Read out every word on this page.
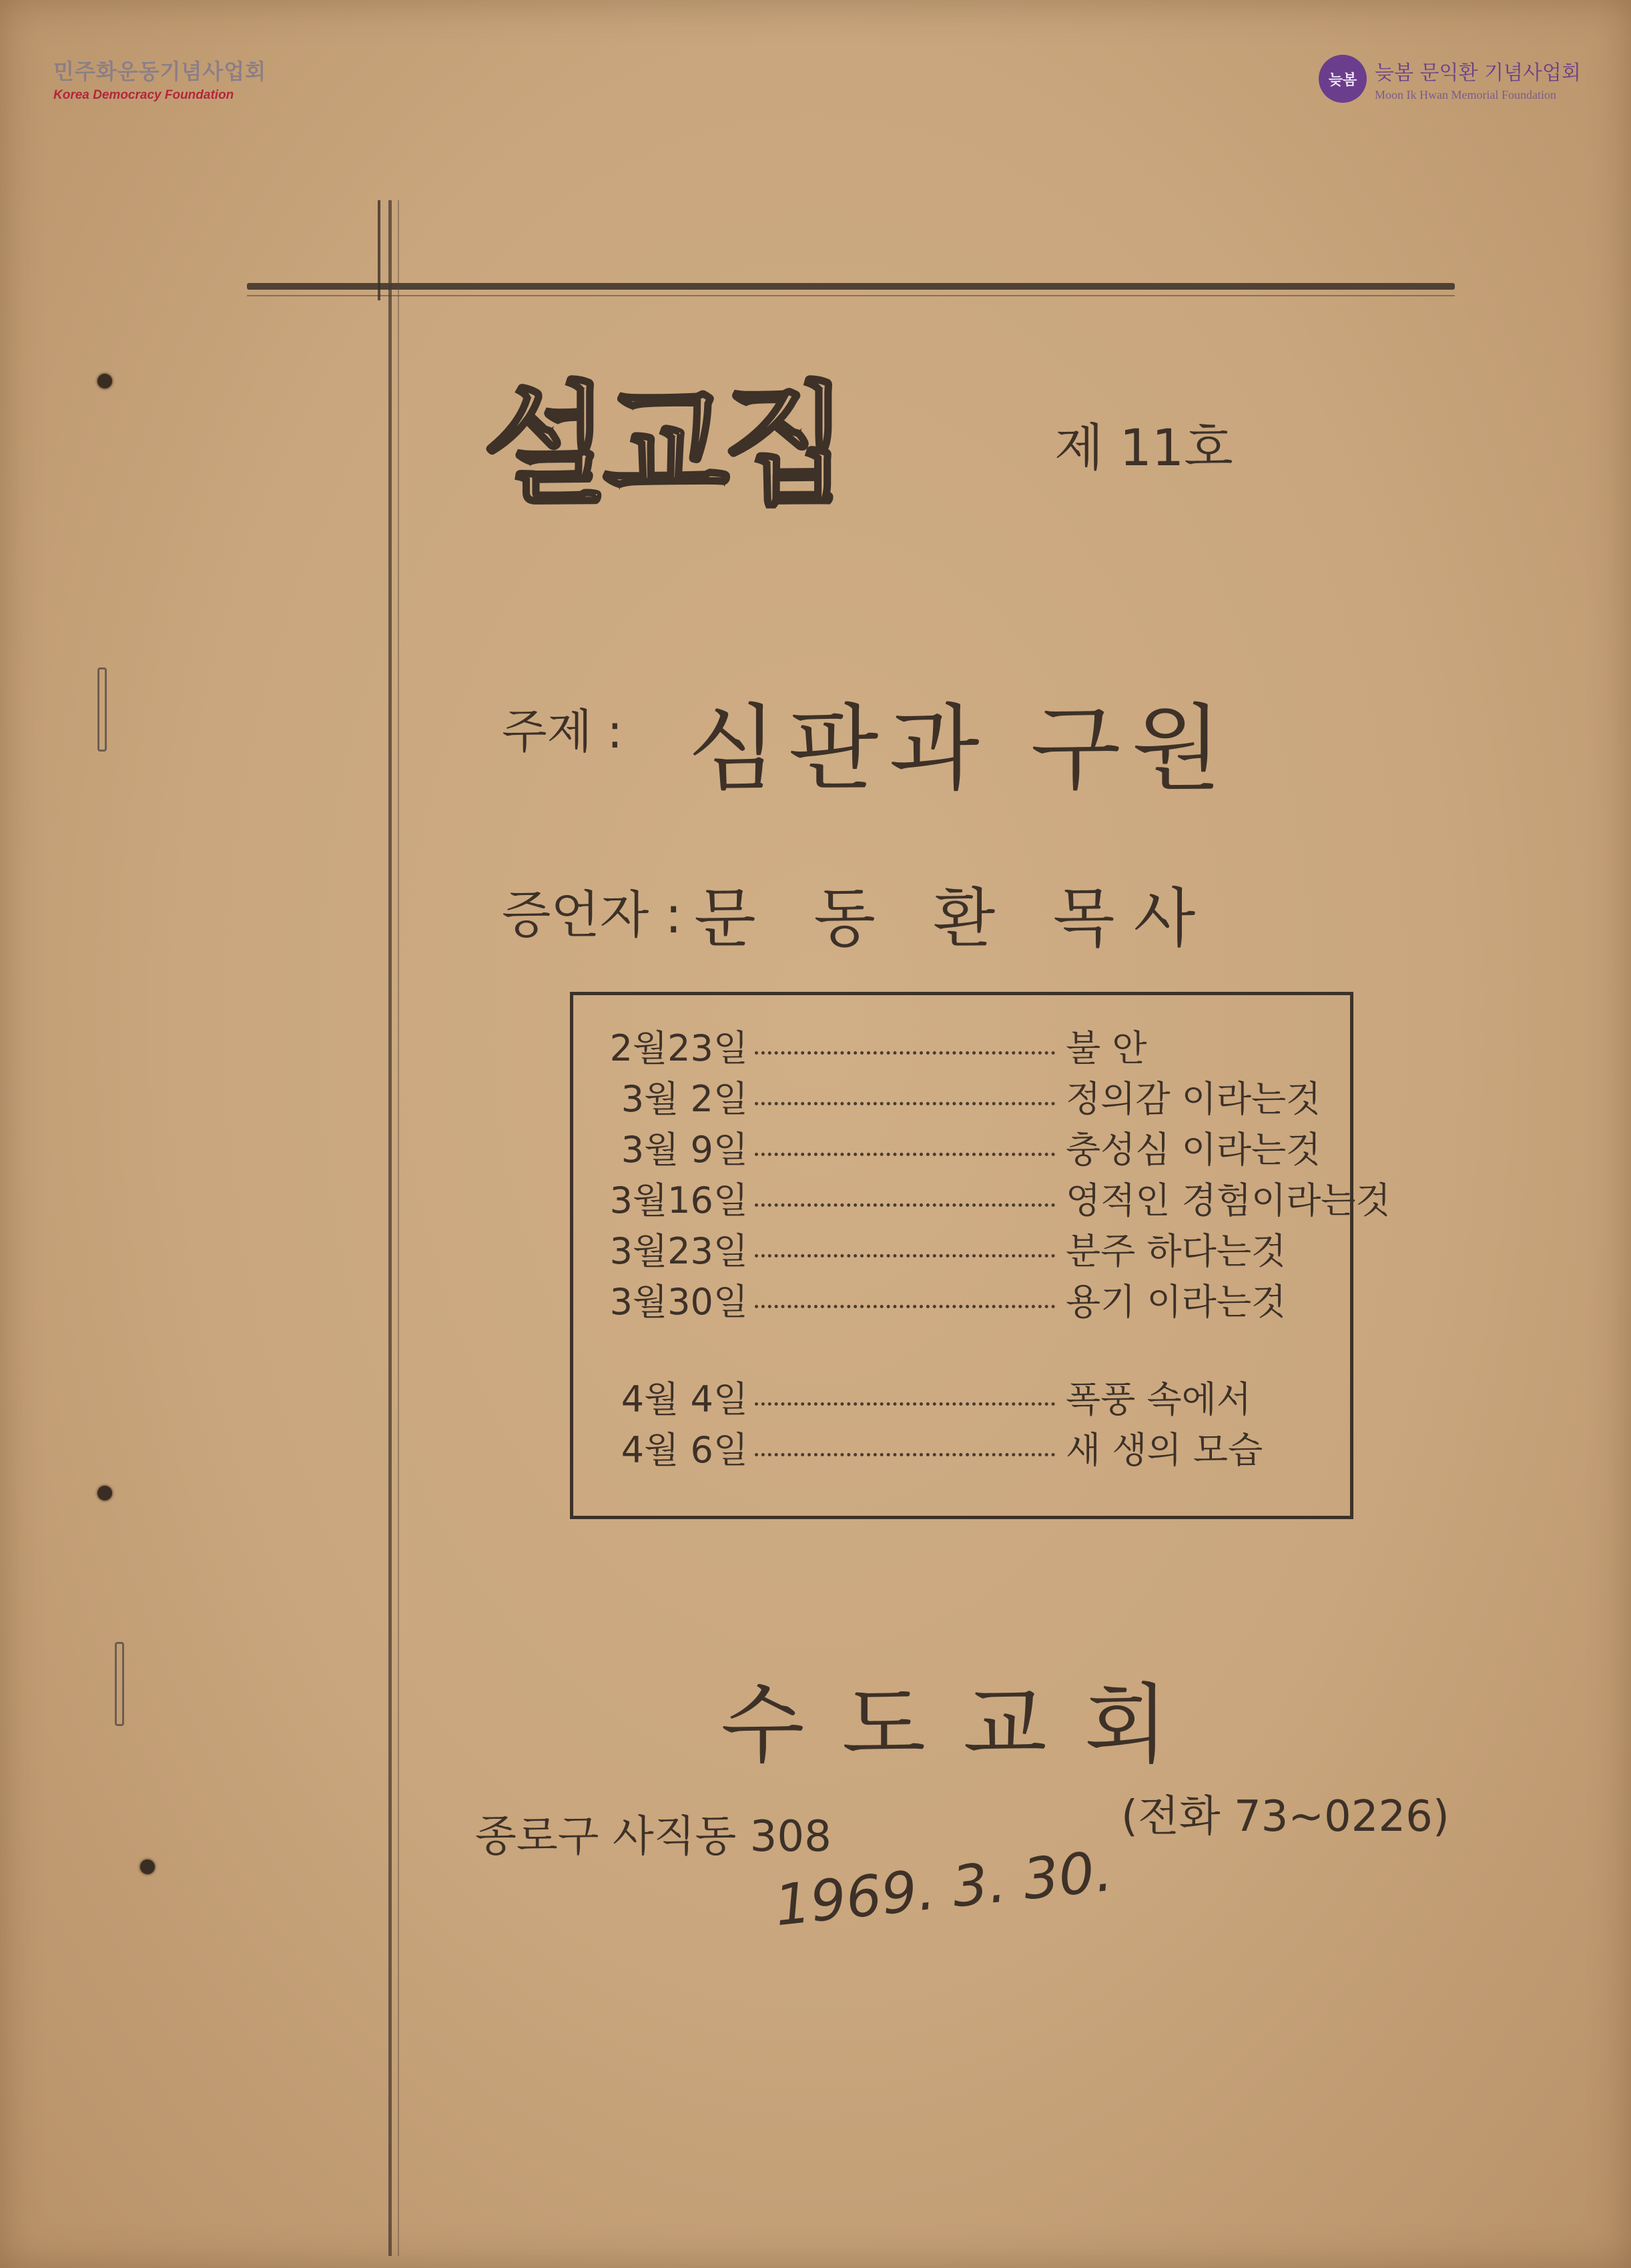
민주화운동기념사업회
Korea Democracy Foundation
늦봄 늦봄 문익환 기념사업회
Moon Ik Hwan Memorial Foundation
설교집	제 11호
주제 : 심판과 구원
증언자 : 문 동 환 목사
2월23일	불 안
3월 2일	정의감 이라는것
3월 9일	충성심 이라는것
3월16일	영적인 경험이라는것
3월23일	분주 하다는것
3월30일	용기 이라는것
4월 4일	폭풍 속에서
4월 6일	새 생의 모습
수도교회
종로구 사직동 308	(전화 73~0226)
1969. 3. 30.
